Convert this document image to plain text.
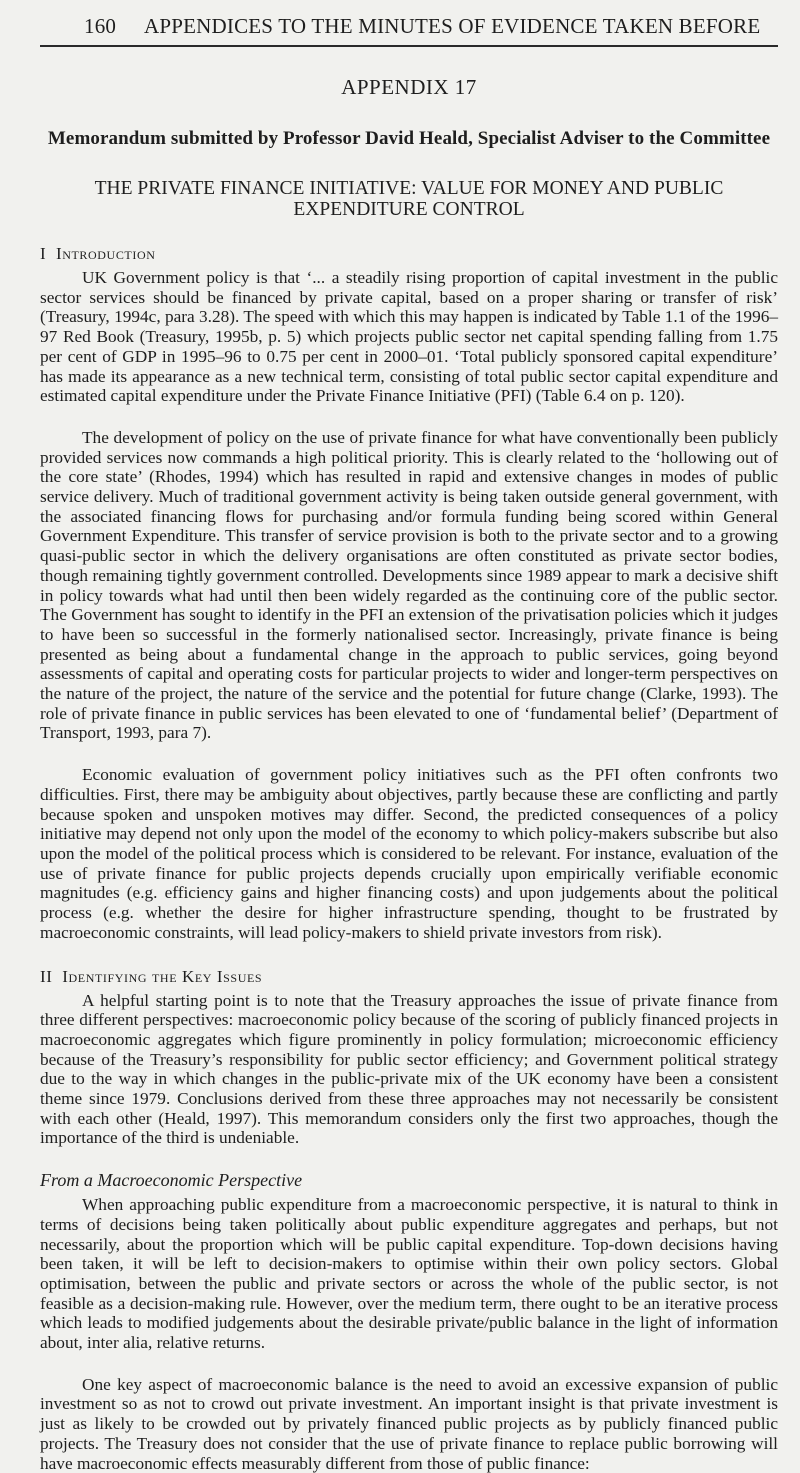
160	APPENDICES TO THE MINUTES OF EVIDENCE TAKEN BEFORE
APPENDIX 17
Memorandum submitted by Professor David Heald, Specialist Adviser to the Committee
THE PRIVATE FINANCE INITIATIVE: VALUE FOR MONEY AND PUBLIC EXPENDITURE CONTROL
I Introduction

UK Government policy is that ‘... a steadily rising proportion of capital investment in the public sector services should be financed by private capital, based on a proper sharing or transfer of risk’ (Treasury, 1994c, para 3.28). The speed with which this may happen is indicated by Table 1.1 of the 1996–97 Red Book (Treasury, 1995b, p. 5) which projects public sector net capital spending falling from 1.75 per cent of GDP in 1995–96 to 0.75 per cent in 2000–01. ‘Total publicly sponsored capital expenditure’ has made its appearance as a new technical term, consisting of total public sector capital expenditure and estimated capital expenditure under the Private Finance Initiative (PFI) (Table 6.4 on p. 120).

The development of policy on the use of private finance for what have conventionally been publicly provided services now commands a high political priority. This is clearly related to the ‘hollowing out of the core state’ (Rhodes, 1994) which has resulted in rapid and extensive changes in modes of public service delivery. Much of traditional government activity is being taken outside general government, with the associated financing flows for purchasing and/or formula funding being scored within General Government Expenditure. This transfer of service provision is both to the private sector and to a growing quasi-public sector in which the delivery organisations are often constituted as private sector bodies, though remaining tightly government controlled. Developments since 1989 appear to mark a decisive shift in policy towards what had until then been widely regarded as the continuing core of the public sector. The Government has sought to identify in the PFI an extension of the privatisation policies which it judges to have been so successful in the formerly nationalised sector. Increasingly, private finance is being presented as being about a fundamental change in the approach to public services, going beyond assessments of capital and operating costs for particular projects to wider and longer-term perspectives on the nature of the project, the nature of the service and the potential for future change (Clarke, 1993). The role of private finance in public services has been elevated to one of ‘fundamental belief’ (Department of Transport, 1993, para 7).

Economic evaluation of government policy initiatives such as the PFI often confronts two difficulties. First, there may be ambiguity about objectives, partly because these are conflicting and partly because spoken and unspoken motives may differ. Second, the predicted consequences of a policy initiative may depend not only upon the model of the economy to which policy-makers subscribe but also upon the model of the political process which is considered to be relevant. For instance, evaluation of the use of private finance for public projects depends crucially upon empirically verifiable economic magnitudes (e.g. efficiency gains and higher financing costs) and upon judgements about the political process (e.g. whether the desire for higher infrastructure spending, thought to be frustrated by macroeconomic constraints, will lead policy-makers to shield private investors from risk).

II Identifying the Key Issues

A helpful starting point is to note that the Treasury approaches the issue of private finance from three different perspectives: macroeconomic policy because of the scoring of publicly financed projects in macroeconomic aggregates which figure prominently in policy formulation; microeconomic efficiency because of the Treasury’s responsibility for public sector efficiency; and Government political strategy due to the way in which changes in the public-private mix of the UK economy have been a consistent theme since 1979. Conclusions derived from these three approaches may not necessarily be consistent with each other (Heald, 1997). This memorandum considers only the first two approaches, though the importance of the third is undeniable.

From a Macroeconomic Perspective

When approaching public expenditure from a macroeconomic perspective, it is natural to think in terms of decisions being taken politically about public expenditure aggregates and perhaps, but not necessarily, about the proportion which will be public capital expenditure. Top-down decisions having been taken, it will be left to decision-makers to optimise within their own policy sectors. Global optimisation, between the public and private sectors or across the whole of the public sector, is not feasible as a decision-making rule. However, over the medium term, there ought to be an iterative process which leads to modified judgements about the desirable private/public balance in the light of information about, inter alia, relative returns.

One key aspect of macroeconomic balance is the need to avoid an excessive expansion of public investment so as not to crowd out private investment. An important insight is that private investment is just as likely to be crowded out by privately financed public projects as by publicly financed public projects. The Treasury does not consider that the use of private finance to replace public borrowing will have macroeconomic effects measurably different from those of public finance:
